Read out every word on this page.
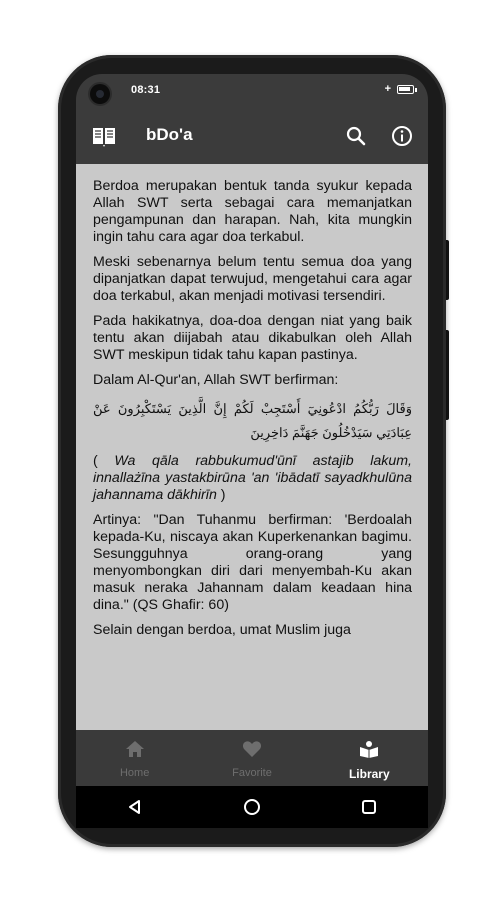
08:31	+
bDo'a

Berdoa merupakan bentuk tanda syukur kepada Allah SWT serta sebagai cara memanjatkan pengampunan dan harapan. Nah, kita mungkin ingin tahu cara agar doa terkabul.

Meski sebenarnya belum tentu semua doa yang dipanjatkan dapat terwujud, mengetahui cara agar doa terkabul, akan menjadi motivasi tersendiri.

Pada hakikatnya, doa-doa dengan niat yang baik tentu akan diijabah atau dikabulkan oleh Allah SWT meskipun tidak tahu kapan pastinya.

Dalam Al-Qur'an, Allah SWT berfirman:

وَقَالَ رَبُّكُمُ ادْعُونِيٓ أَسْتَجِبْ لَكُمْ إِنَّ الَّذِينَ يَسْتَكْبِرُونَ عَنْ عِبَادَتِي سَيَدْخُلُونَ جَهَنَّمَ دَاخِرِينَ

( Wa qāla rabbukumud'ūnī astajib lakum, innallażīna yastakbirūna 'an 'ibādatī sayadkhulūna jahannama dākhirīn )

Artinya: "Dan Tuhanmu berfirman: 'Berdoalah kepada-Ku, niscaya akan Kuperkenankan bagimu. Sesungguhnya orang-orang yang menyombongkan diri dari menyembah-Ku akan masuk neraka Jahannam dalam keadaan hina dina." (QS Ghafir: 60)

Selain dengan berdoa, umat Muslim juga

Home	Favorite	Library
